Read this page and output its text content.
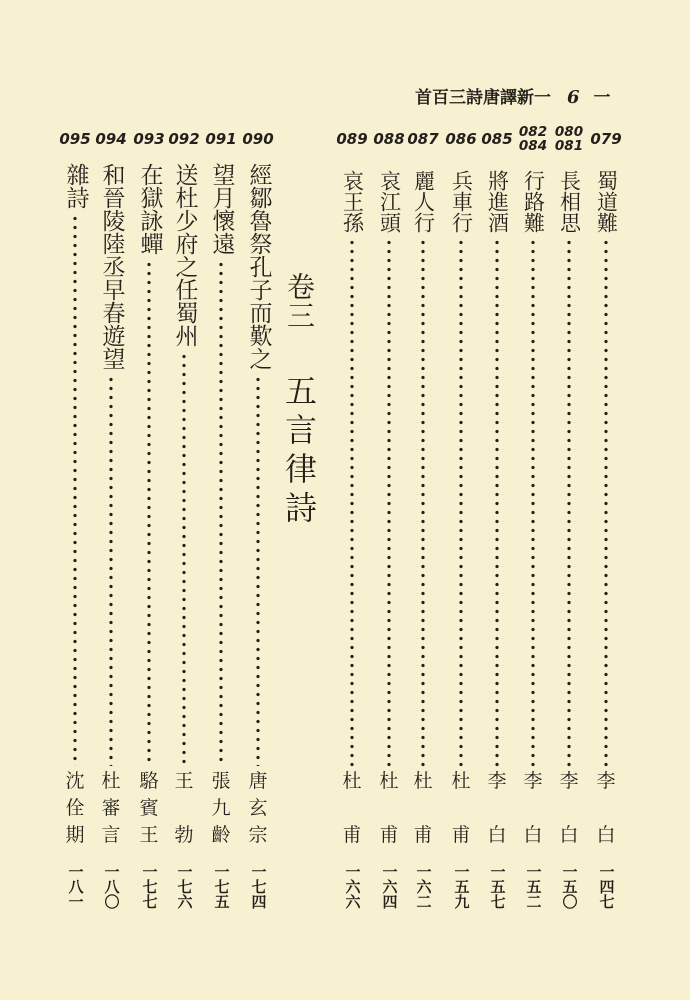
首百三詩唐譯新一 6 一
079
蜀道難
李
白
一四七
080
081
長相思
李
白
一五〇
082
084
行路難
李
白
一五二
085
將進酒
李
白
一五七
086
兵車行
杜
甫
一五九
087
麗人行
杜
甫
一六二
088
哀江頭
杜
甫
一六四
089
哀王孫
杜
甫
一六六
卷三
五言律詩
090
經鄒魯祭孔子而歎之
唐
玄
宗
一七四
091
望月懷遠
張
九
齡
一七五
092
送杜少府之任蜀州
王
勃
一七六
093
在獄詠蟬
駱
賓
王
一七七
094
和晉陵陸丞早春遊望
杜
審
言
一八〇
095
雜詩
沈
佺
期
一八一
